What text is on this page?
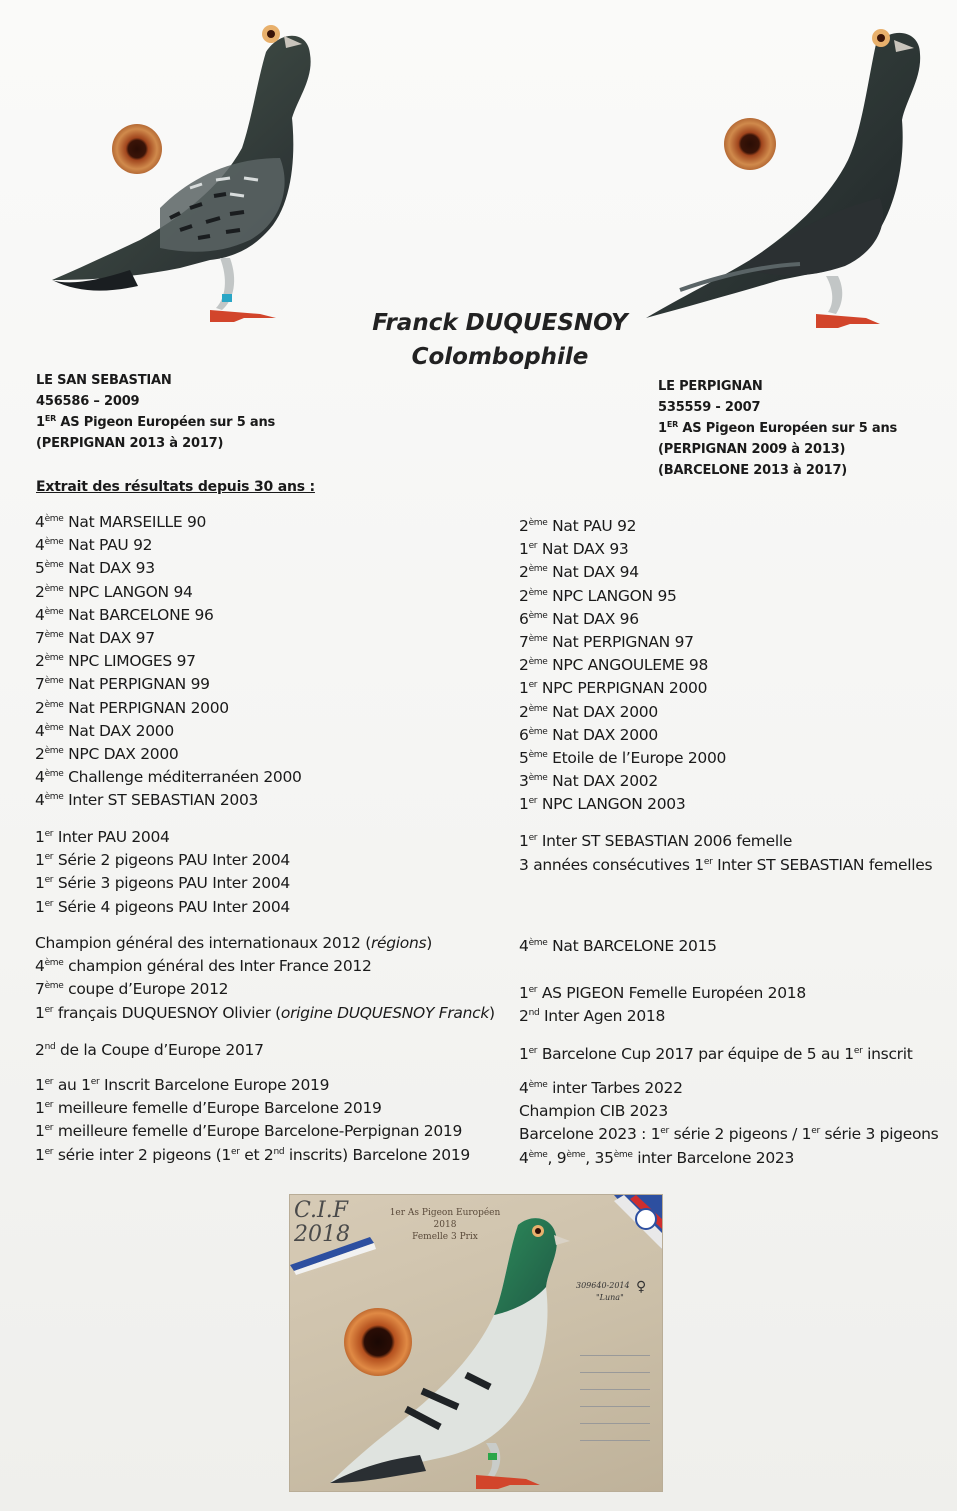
Franck DUQUESNOY
Colombophile
LE SAN SEBASTIAN
456586 – 2009
1ER AS Pigeon Européen sur 5 ans
(PERPIGNAN 2013 à 2017)
LE PERPIGNAN
535559 - 2007
1ER AS Pigeon Européen sur 5 ans
(PERPIGNAN 2009 à 2013)
(BARCELONE 2013 à 2017)
Extrait des résultats depuis 30 ans :
4ème Nat MARSEILLE 90
4ème Nat PAU 92
5ème Nat DAX 93
2ème NPC LANGON 94
4ème Nat BARCELONE 96
7ème Nat DAX 97
2ème NPC LIMOGES 97
7ème Nat PERPIGNAN 99
2ème Nat PERPIGNAN 2000
4ème Nat DAX 2000
2ème NPC DAX 2000
4ème Challenge méditerranéen 2000
4ème Inter ST SEBASTIAN 2003
1er Inter PAU 2004
1er Série 2 pigeons PAU Inter 2004
1er Série 3 pigeons PAU Inter 2004
1er Série 4 pigeons PAU Inter 2004
Champion général des internationaux 2012 (régions)
4ème champion général des Inter France 2012
7ème coupe d’Europe 2012
1er français DUQUESNOY Olivier (origine DUQUESNOY Franck)
2nd de la Coupe d’Europe 2017
1er au 1er Inscrit Barcelone Europe 2019
1er meilleure femelle d’Europe Barcelone 2019
1er meilleure femelle d’Europe Barcelone-Perpignan 2019
1er série inter 2 pigeons (1er et 2nd inscrits) Barcelone 2019
2ème Nat PAU 92
1er Nat DAX 93
2ème Nat DAX 94
2ème NPC LANGON 95
6ème Nat DAX 96
7ème Nat PERPIGNAN 97
2ème NPC ANGOULEME 98
1er NPC PERPIGNAN 2000
2ème Nat DAX 2000
6ème Nat DAX 2000
5ème Etoile de l’Europe 2000
3ème Nat DAX 2002
1er NPC LANGON 2003
1er Inter ST SEBASTIAN 2006 femelle
3 années consécutives 1er Inter ST SEBASTIAN femelles
4ème Nat BARCELONE 2015
1er AS PIGEON Femelle Européen 2018
2nd Inter Agen 2018
1er Barcelone Cup 2017 par équipe de 5 au 1er inscrit
4ème inter Tarbes 2022
Champion CIB 2023
Barcelone 2023 : 1er série 2 pigeons / 1er série 3 pigeons
4ème, 9ème, 35ème inter Barcelone 2023
C.I.F
2018
1er As Pigeon Européen 2018
Femelle 3 Prix
309640-2014
"Luna"
♀
